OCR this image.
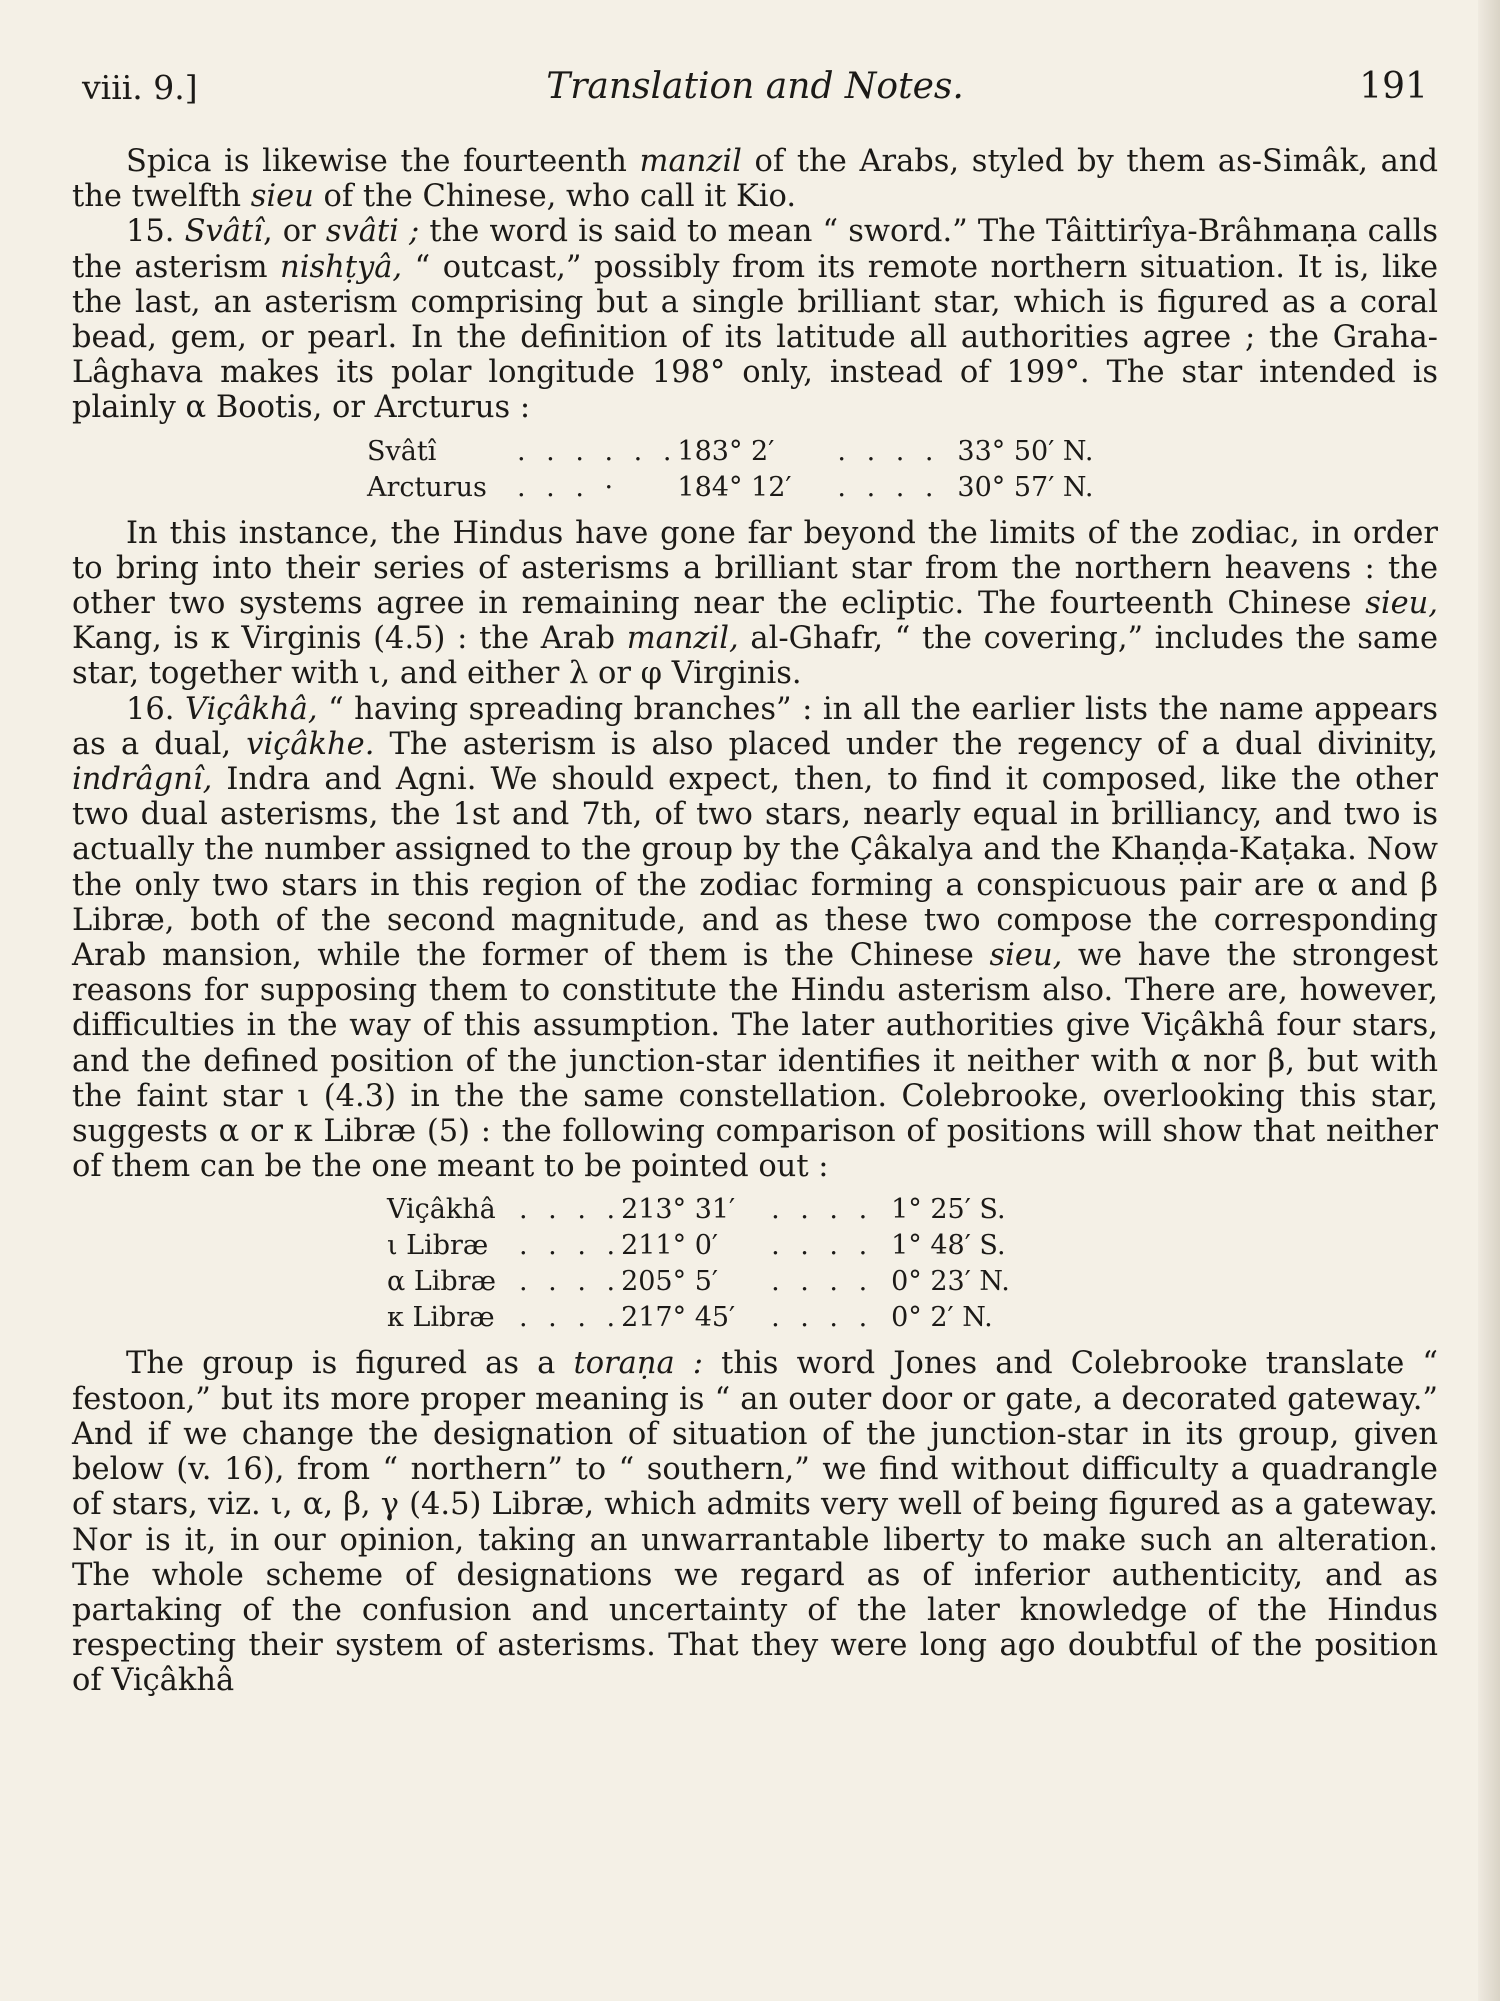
viii. 9.]	Translation and Notes.	191

Spica is likewise the fourteenth manzil of the Arabs, styled by them as-Simâk, and the twelfth sieu of the Chinese, who call it Kio.

15. Svâtî, or svâti ; the word is said to mean “ sword.” The Tâittirîya-Brâhmaṇa calls the asterism nishṭyâ, “ outcast,” possibly from its remote northern situation. It is, like the last, an asterism comprising but a single brilliant star, which is figured as a coral bead, gem, or pearl. In the definition of its latitude all authorities agree ; the Graha-Lâghava makes its polar longitude 198° only, instead of 199°. The star intended is plainly α Bootis, or Arcturus :

Svâtî	. . . . . .	183° 2′	. . . .	33° 50′ N.
Arcturus	. . . ·	184° 12′	. . . .	30° 57′ N.

In this instance, the Hindus have gone far beyond the limits of the zodiac, in order to bring into their series of asterisms a brilliant star from the northern heavens : the other two systems agree in remaining near the ecliptic. The fourteenth Chinese sieu, Kang, is κ Virginis (4.5) : the Arab manzil, al-Ghafr, “ the covering,” includes the same star, together with ι, and either λ or φ Virginis.

16. Viçâkhâ, “ having spreading branches” : in all the earlier lists the name appears as a dual, viçâkhe. The asterism is also placed under the regency of a dual divinity, indrâgnî, Indra and Agni. We should expect, then, to find it composed, like the other two dual asterisms, the 1st and 7th, of two stars, nearly equal in brilliancy, and two is actually the number assigned to the group by the Çâkalya and the Khaṇḍa-Kaṭaka. Now the only two stars in this region of the zodiac forming a conspicuous pair are α and β Libræ, both of the second magnitude, and as these two compose the corresponding Arab mansion, while the former of them is the Chinese sieu, we have the strongest reasons for supposing them to constitute the Hindu asterism also. There are, however, difficulties in the way of this assumption. The later authorities give Viçâkhâ four stars, and the defined position of the junction-star identifies it neither with α nor β, but with the faint star ι (4.3) in the the same constellation. Colebrooke, overlooking this star, suggests α or κ Libræ (5) : the following comparison of positions will show that neither of them can be the one meant to be pointed out :

Viçâkhâ	. . . .	213° 31′	. . . .	1° 25′ S.
ι Libræ	. . . .	211° 0′	. . . .	1° 48′ S.
α Libræ	. . . .	205° 5′	. . . .	0° 23′ N.
κ Libræ	. . . .	217° 45′	. . . .	0° 2′ N.

The group is figured as a toraṇa : this word Jones and Colebrooke translate “ festoon,” but its more proper meaning is “ an outer door or gate, a decorated gateway.” And if we change the designation of situation of the junction-star in its group, given below (v. 16), from “ northern” to “ southern,” we find without difficulty a quadrangle of stars, viz. ι, α, β, γ (4.5) Libræ, which admits very well of being figured as a gateway. Nor is it, in our opinion, taking an unwarrantable liberty to make such an alteration. The whole scheme of designations we regard as of inferior authenticity, and as partaking of the confusion and uncertainty of the later knowledge of the Hindus respecting their system of asterisms. That they were long ago doubtful of the position of Viçâkhâ
